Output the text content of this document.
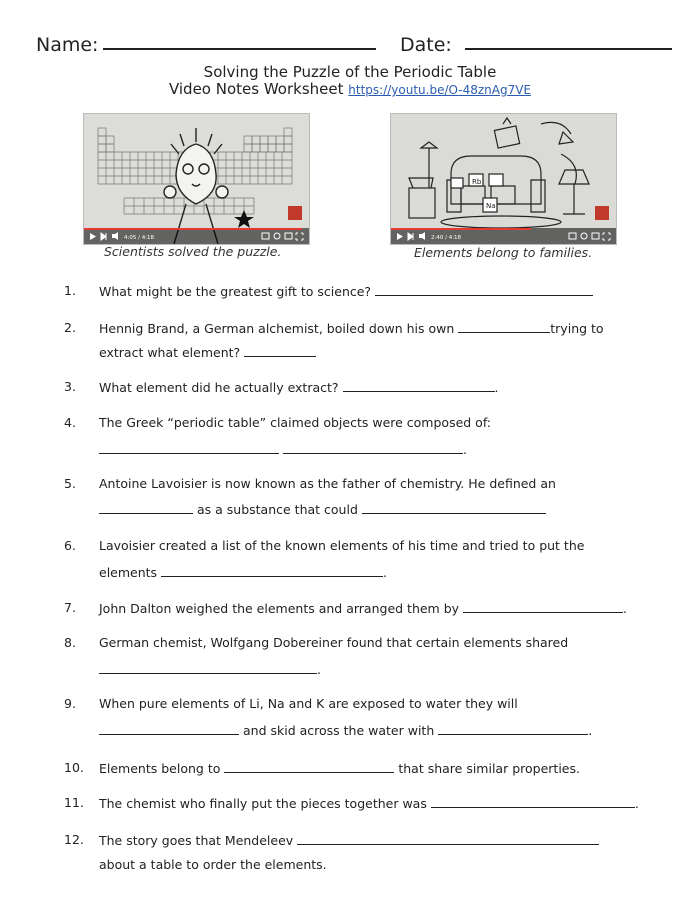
Name:	Date:
Solving the Puzzle of the Periodic Table
Video Notes Worksheet https://youtu.be/O-48znAg7VE
4:05 / 4:18
Scientists solved the puzzle.
Rb
Na
2:40 / 4:18
Elements belong to families.
1. What might be the greatest gift to science?
2. Hennig Brand, a German alchemist, boiled down his own	trying to
extract what element?
3. What element did he actually extract?	.
4. The Greek “periodic table” claimed objects were composed of:
.
5. Antoine Lavoisier is now known as the father of chemistry. He defined an
as a substance that could
6. Lavoisier created a list of the known elements of his time and tried to put the
elements	.
7. John Dalton weighed the elements and arranged them by	.
8. German chemist, Wolfgang Dobereiner found that certain elements shared
.
9. When pure elements of Li, Na and K are exposed to water they will
and skid across the water with	.
10. Elements belong to	that share similar properties.
11. The chemist who finally put the pieces together was	.
12. The story goes that Mendeleev
about a table to order the elements.
